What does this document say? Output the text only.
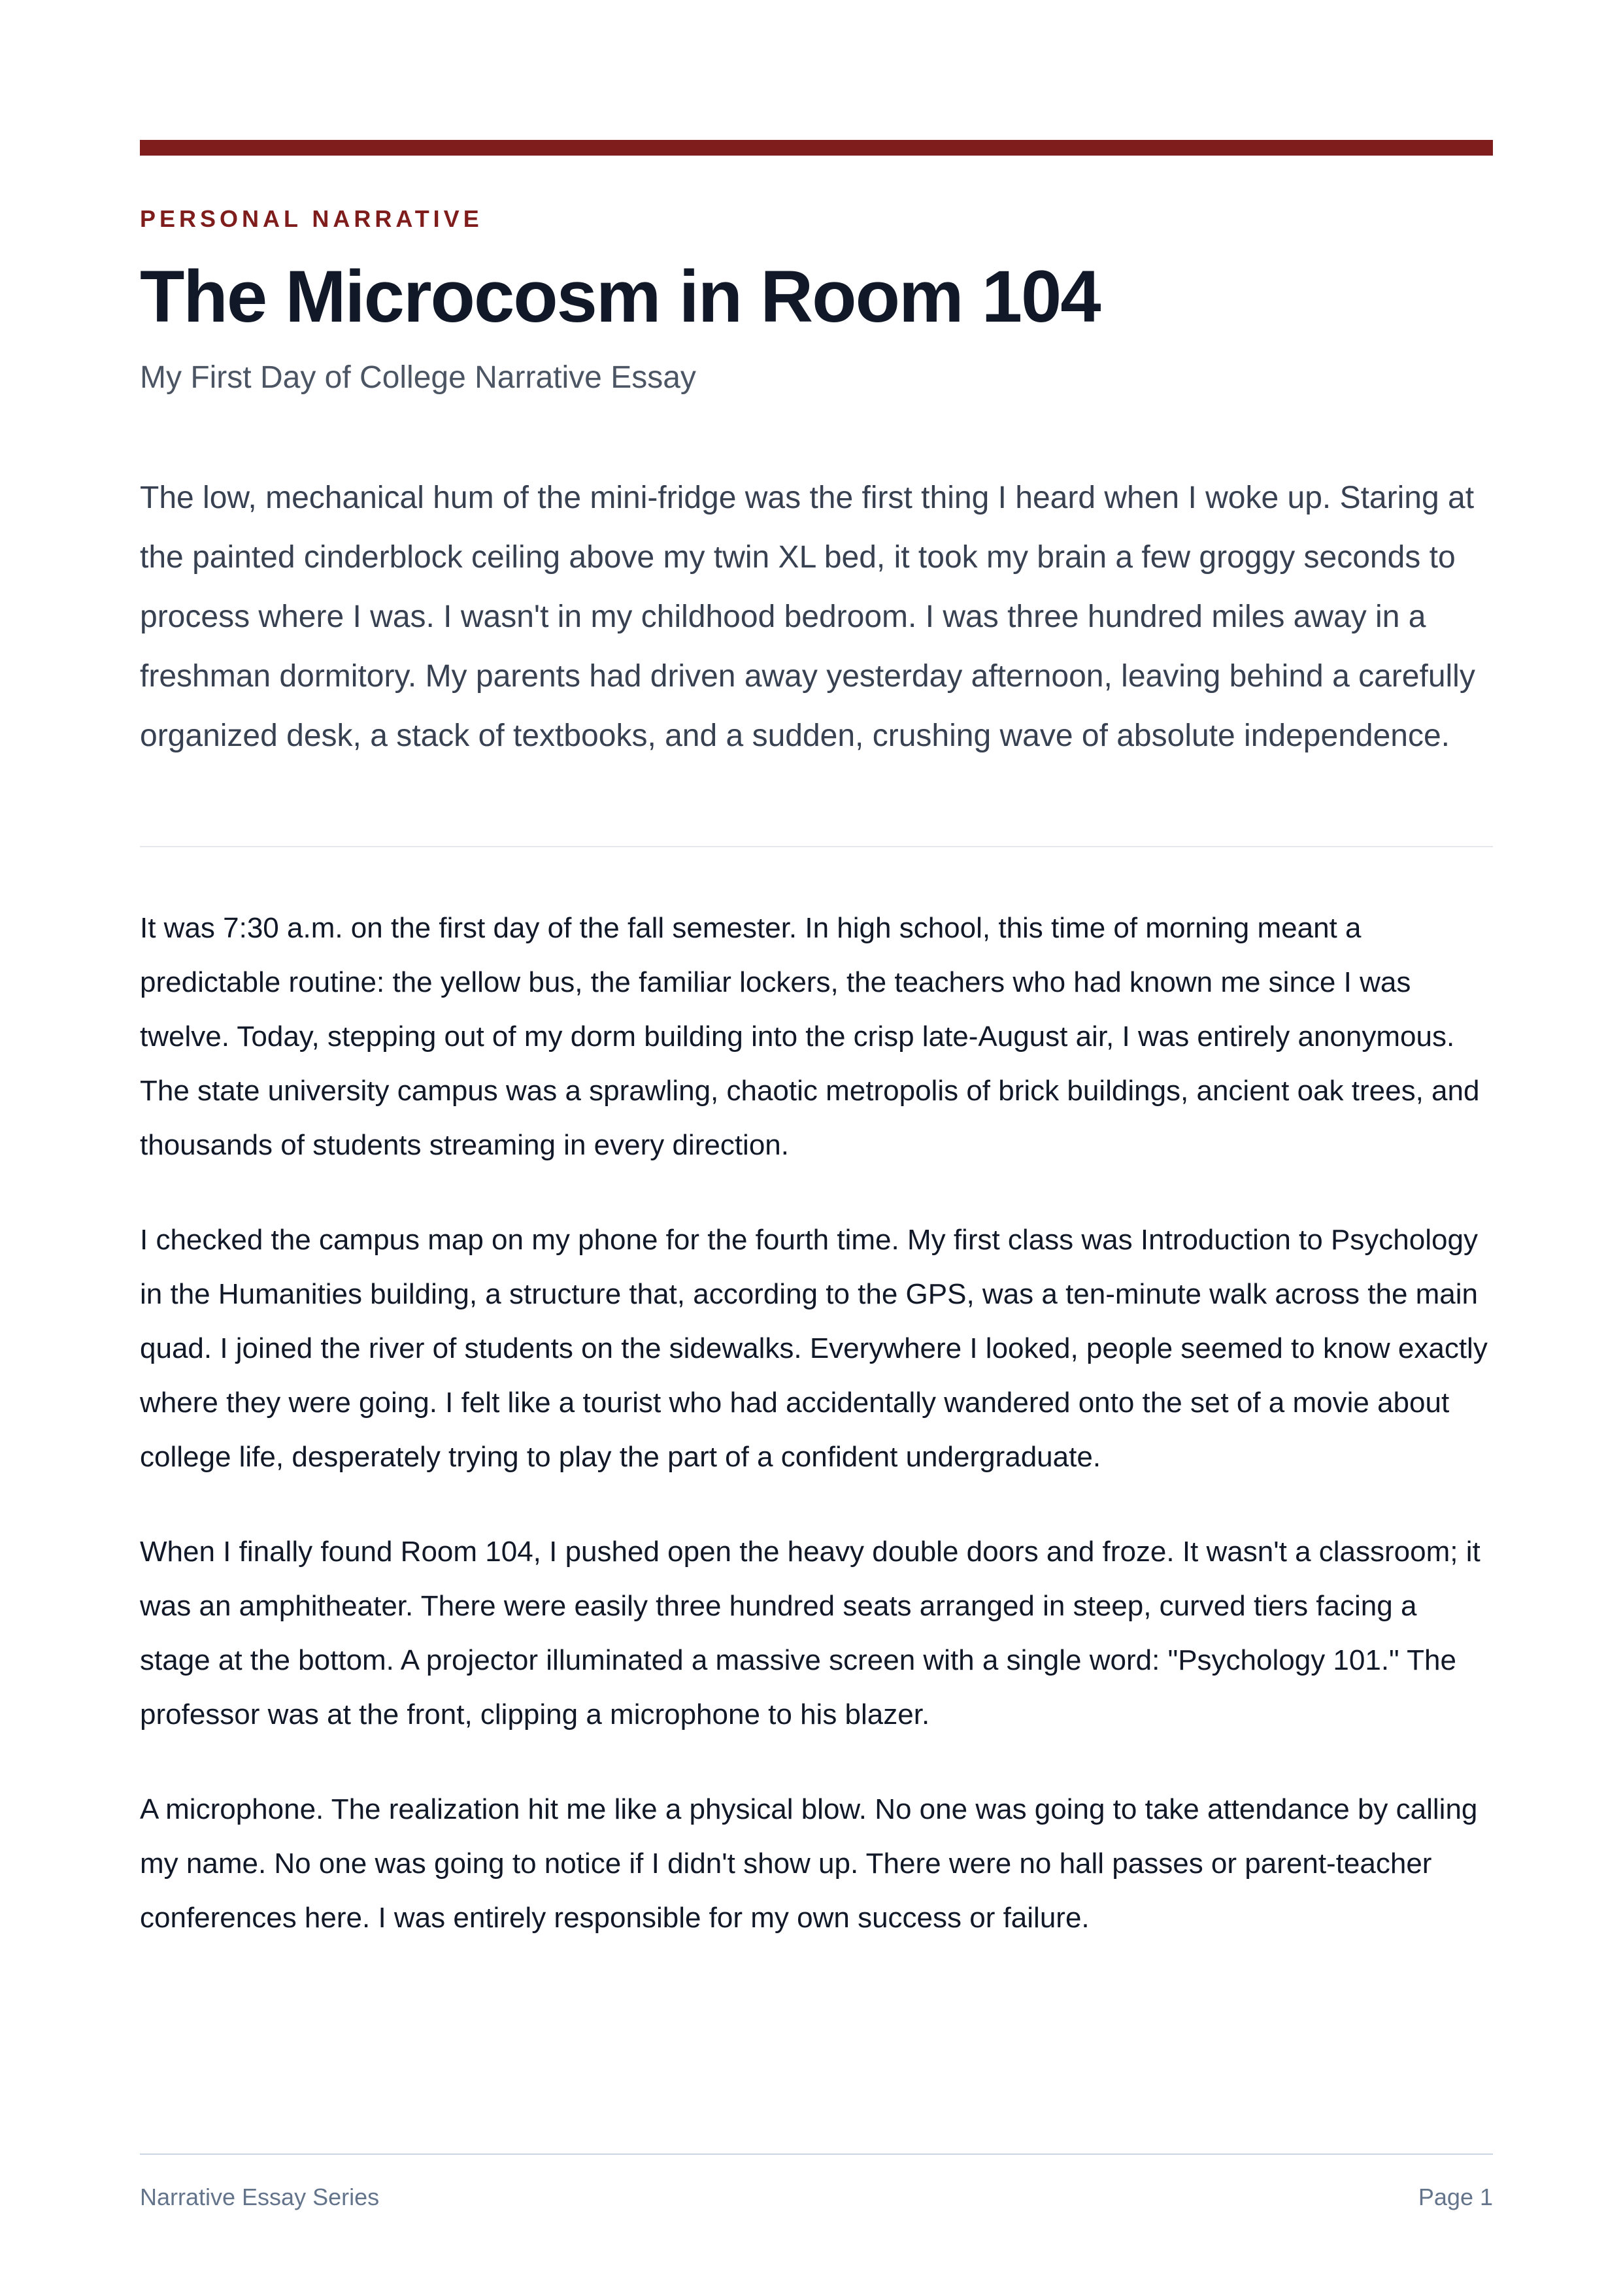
PERSONAL NARRATIVE
The Microcosm in Room 104
My First Day of College Narrative Essay

The low, mechanical hum of the mini-fridge was the first thing I heard when I woke up. Staring at the painted cinderblock ceiling above my twin XL bed, it took my brain a few groggy seconds to process where I was. I wasn't in my childhood bedroom. I was three hundred miles away in a freshman dormitory. My parents had driven away yesterday afternoon, leaving behind a carefully organized desk, a stack of textbooks, and a sudden, crushing wave of absolute independence.

It was 7:30 a.m. on the first day of the fall semester. In high school, this time of morning meant a predictable routine: the yellow bus, the familiar lockers, the teachers who had known me since I was twelve. Today, stepping out of my dorm building into the crisp late-August air, I was entirely anonymous. The state university campus was a sprawling, chaotic metropolis of brick buildings, ancient oak trees, and thousands of students streaming in every direction.

I checked the campus map on my phone for the fourth time. My first class was Introduction to Psychology in the Humanities building, a structure that, according to the GPS, was a ten-minute walk across the main quad. I joined the river of students on the sidewalks. Everywhere I looked, people seemed to know exactly where they were going. I felt like a tourist who had accidentally wandered onto the set of a movie about college life, desperately trying to play the part of a confident undergraduate.

When I finally found Room 104, I pushed open the heavy double doors and froze. It wasn't a classroom; it was an amphitheater. There were easily three hundred seats arranged in steep, curved tiers facing a stage at the bottom. A projector illuminated a massive screen with a single word: "Psychology 101." The professor was at the front, clipping a microphone to his blazer.

A microphone. The realization hit me like a physical blow. No one was going to take attendance by calling my name. No one was going to notice if I didn't show up. There were no hall passes or parent-teacher conferences here. I was entirely responsible for my own success or failure.

Narrative Essay Series	Page 1
